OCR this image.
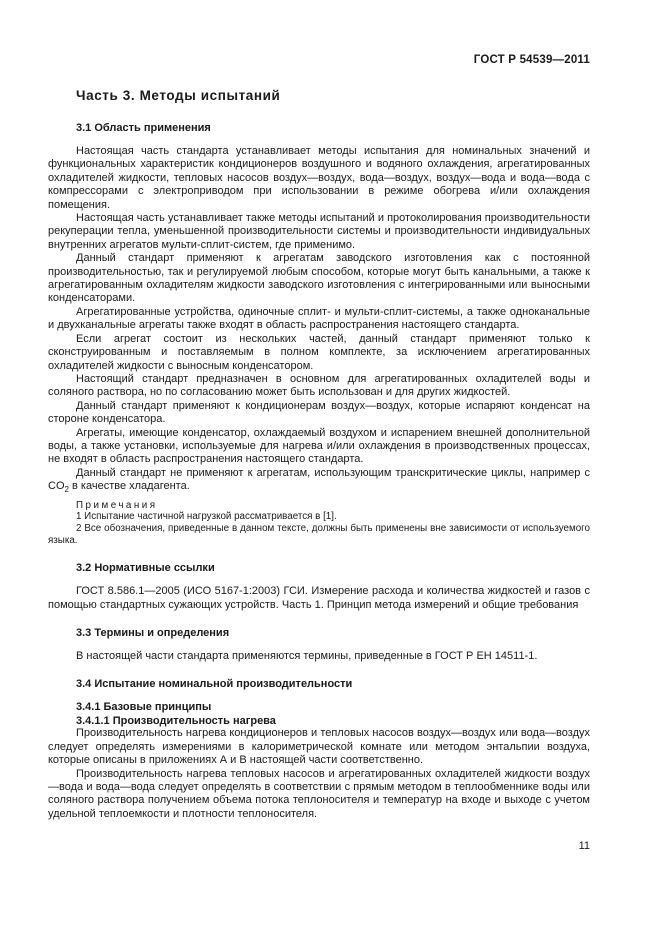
ГОСТ Р 54539—2011
Часть 3. Методы испытаний
3.1 Область применения

Настоящая часть стандарта устанавливает методы испытания для номинальных значений и функциональных характеристик кондиционеров воздушного и водяного охлаждения, агрегатированных охладителей жидкости, тепловых насосов воздух—воздух, вода—воздух, воздух—вода и вода—вода с компрессорами с электроприводом при использовании в режиме обогрева и/или охлаждения помещения.

Настоящая часть устанавливает также методы испытаний и протоколирования производительности рекуперации тепла, уменьшенной производительности системы и производительности индивидуальных внутренних агрегатов мульти-сплит-систем, где применимо.

Данный стандарт применяют к агрегатам заводского изготовления как с постоянной производительностью, так и регулируемой любым способом, которые могут быть канальными, а также к агрегатированным охладителям жидкости заводского изготовления с интегрированными или выносными конденсаторами.

Агрегатированные устройства, одиночные сплит- и мульти-сплит-системы, а также одноканальные и двухканальные агрегаты также входят в область распространения настоящего стандарта.

Если агрегат состоит из нескольких частей, данный стандарт применяют только к сконструированным и поставляемым в полном комплекте, за исключением агрегатированных охладителей жидкости с выносным конденсатором.

Настоящий стандарт предназначен в основном для агрегатированных охладителей воды и соляного раствора, но по согласованию может быть использован и для других жидкостей.

Данный стандарт применяют к кондиционерам воздух—воздух, которые испаряют конденсат на стороне конденсатора.

Агрегаты, имеющие конденсатор, охлаждаемый воздухом и испарением внешней дополнительной воды, а также установки, используемые для нагрева и/или охлаждения в производственных процессах, не входят в область распространения настоящего стандарта.

Данный стандарт не применяют к агрегатам, использующим транскритические циклы, например с $CO_2$ в качестве хладагента.

Примечания

1 Испытание частичной нагрузкой рассматривается в [1].

2 Все обозначения, приведенные в данном тексте, должны быть применены вне зависимости от используемого языка.

3.2 Нормативные ссылки

ГОСТ 8.586.1—2005 (ИСО 5167-1:2003) ГСИ. Измерение расхода и количества жидкостей и газов с помощью стандартных сужающих устройств. Часть 1. Принцип метода измерений и общие требования

3.3 Термины и определения

В настоящей части стандарта применяются термины, приведенные в ГОСТ Р ЕН 14511-1.

3.4 Испытание номинальной производительности
3.4.1 Базовые принципы
3.4.1.1 Производительность нагрева

Производительность нагрева кондиционеров и тепловых насосов воздух—воздух или вода—воздух следует определять измерениями в калориметрической комнате или методом энтальпии воздуха, которые описаны в приложениях А и В настоящей части соответственно.

Производительность нагрева тепловых насосов и агрегатированных охладителей жидкости воздух—вода и вода—вода следует определять в соответствии с прямым методом в теплообменнике воды или соляного раствора получением объема потока теплоносителя и температур на входе и выходе с учетом удельной теплоемкости и плотности теплоносителя.

11
